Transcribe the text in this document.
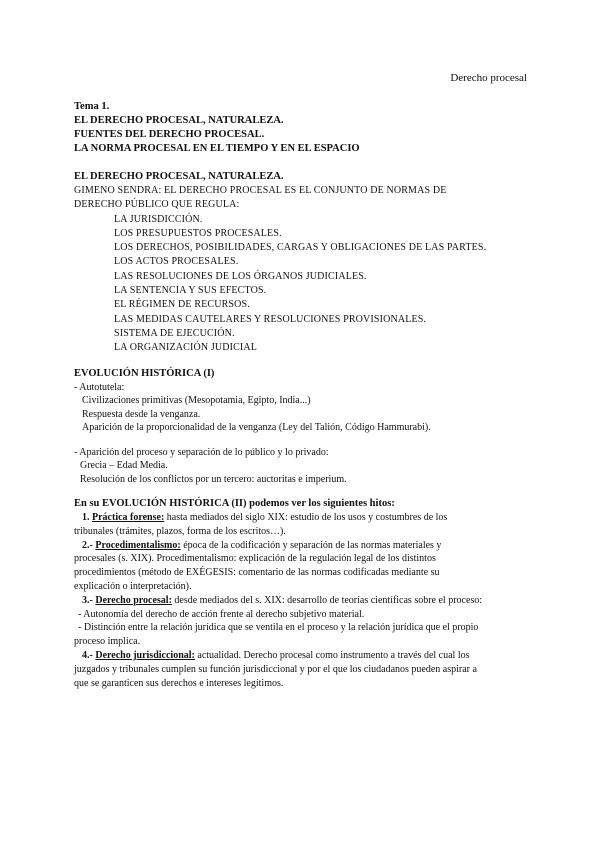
Derecho procesal
Tema 1.
EL DERECHO PROCESAL, NATURALEZA.
FUENTES DEL DERECHO PROCESAL.
LA NORMA PROCESAL EN EL TIEMPO Y EN EL ESPACIO
EL DERECHO PROCESAL, NATURALEZA.
GIMENO SENDRA: EL DERECHO PROCESAL ES EL CONJUNTO DE NORMAS DE
DERECHO PÚBLICO QUE REGULA:
LA JURISDICCIÓN.
LOS PRESUPUESTOS PROCESALES.
LOS DERECHOS, POSIBILIDADES, CARGAS Y OBLIGACIONES DE LAS PARTES.
LOS ACTOS PROCESALES.
LAS RESOLUCIONES DE LOS ÓRGANOS JUDICIALES.
LA SENTENCIA Y SUS EFECTOS.
EL RÉGIMEN DE RECURSOS.
LAS MEDIDAS CAUTELARES Y RESOLUCIONES PROVISIONALES.
SISTEMA DE EJECUCIÓN.
LA ORGANIZACIÓN JUDICIAL
EVOLUCIÓN HISTÓRICA (I)
- Autotutela:
Civilizaciones primitivas (Mesopotamia, Egipto, India...)
Respuesta desde la venganza.
Aparición de la proporcionalidad de la venganza (Ley del Talión, Código Hammurabi).
- Aparición del proceso y separación de lo público y lo privado:
Grecia – Edad Media.
Resolución de los conflictos por un tercero: auctoritas e imperium.
En su EVOLUCIÓN HISTÓRICA (II) podemos ver los siguientes hitos:
1. Práctica forense: hasta mediados del siglo XIX: estudio de los usos y costumbres de los
tribunales (trámites, plazos, forma de los escritos…).
2.- Procedimentalismo: época de la codificación y separación de las normas materiales y
procesales (s. XIX). Procedimentalismo: explicación de la regulación legal de los distintos
procedimientos (método de EXÉGESIS: comentario de las normas codificadas mediante su
explicación o interpretación).
3.- Derecho procesal: desde mediados del s. XIX: desarrollo de teorías científicas sobre el proceso:
- Autonomía del derecho de acción frente al derecho subjetivo material.
- Distinción entre la relación jurídica que se ventila en el proceso y la relación jurídica que el propio
proceso implica.
4.- Derecho jurisdiccional: actualidad. Derecho procesal como instrumento a través del cual los
juzgados y tribunales cumplen su función jurisdiccional y por el que los ciudadanos pueden aspirar a
que se garanticen sus derechos e intereses legítimos.
